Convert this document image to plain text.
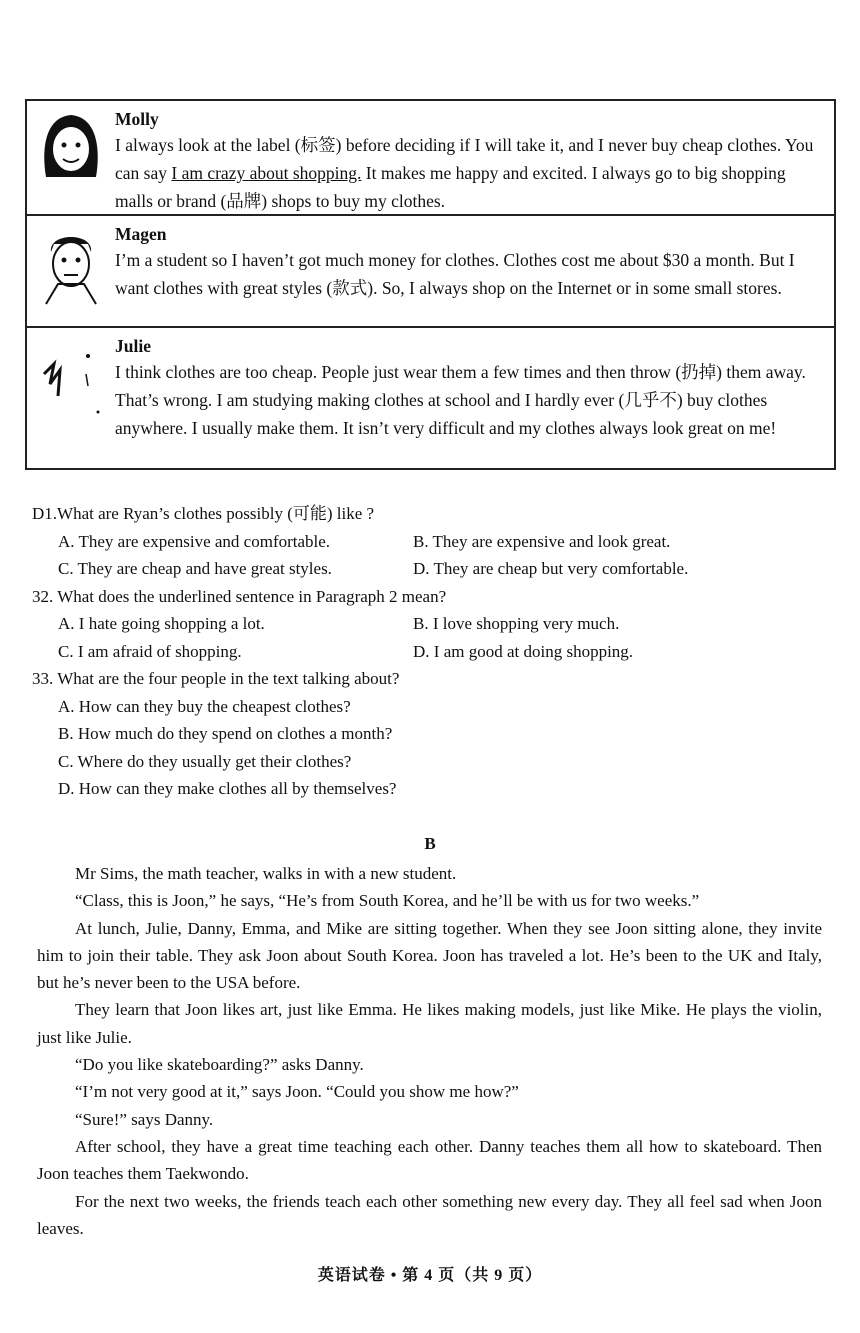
Molly
I always look at the label (标签) before deciding if I will take it, and I never buy cheap clothes. You can say I am crazy about shopping. It makes me happy and excited. I always go to big shopping malls or brand (品牌) shops to buy my clothes.
Magen
I’m a student so I haven’t got much money for clothes. Clothes cost me about $30 a month. But I want clothes with great styles (款式). So, I always shop on the Internet or in some small stores.
Julie
I think clothes are too cheap. People just wear them a few times and then throw (扔掉) them away. That’s wrong. I am studying making clothes at school and I hardly ever (几乎不) buy clothes anywhere. I usually make them. It isn’t very difficult and my clothes always look great on me!

D1.What are Ryan’s clothes possibly (可能) like ?

A. They are expensive and comfortable.	B. They are expensive and look great.
C. They are cheap and have great styles.	D. They are cheap but very comfortable.

32. What does the underlined sentence in Paragraph 2 mean?

A. I hate going shopping a lot.	B. I love shopping very much.
C. I am afraid of shopping.	D. I am good at doing shopping.

33. What are the four people in the text talking about?

A. How can they buy the cheapest clothes?
B. How much do they spend on clothes a month?
C. Where do they usually get their clothes?
D. How can they make clothes all by themselves?
B

Mr Sims, the math teacher, walks in with a new student.

“Class, this is Joon,” he says, “He’s from South Korea, and he’ll be with us for two weeks.”

At lunch, Julie, Danny, Emma, and Mike are sitting together. When they see Joon sitting alone, they invite him to join their table. They ask Joon about South Korea. Joon has traveled a lot. He’s been to the UK and Italy, but he’s never been to the USA before.

They learn that Joon likes art, just like Emma. He likes making models, just like Mike. He plays the violin, just like Julie.

“Do you like skateboarding?” asks Danny.

“I’m not very good at it,” says Joon. “Could you show me how?”

“Sure!” says Danny.

After school, they have a great time teaching each other. Danny teaches them all how to skateboard. Then Joon teaches them Taekwondo.

For the next two weeks, the friends teach each other something new every day. They all feel sad when Joon leaves.

英语试卷 • 第 4 页（共 9 页）
